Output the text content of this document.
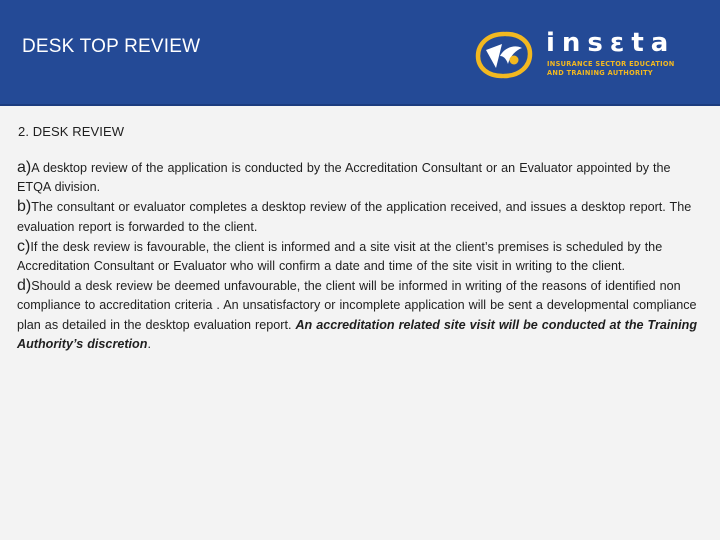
DESK TOP REVIEW	insεta
INSURANCE SECTOR EDUCATION
AND TRAINING AUTHORITY
2. DESK REVIEW

a)A desktop review of the application is conducted by the Accreditation Consultant or an Evaluator appointed by the ETQA division.

b)The consultant or evaluator completes a desktop review of the application received, and issues a desktop report. The evaluation report is forwarded to the client.

c)If the desk review is favourable, the client is informed and a site visit at the client’s premises is scheduled by the Accreditation Consultant or Evaluator who will confirm a date and time of the site visit in writing to the client.

d)Should a desk review be deemed unfavourable, the client will be informed in writing of the reasons of identified non compliance to accreditation criteria . An unsatisfactory or incomplete application will be sent a developmental compliance plan as detailed in the desktop evaluation report. An accreditation related site visit will be conducted at the Training Authority’s discretion.
